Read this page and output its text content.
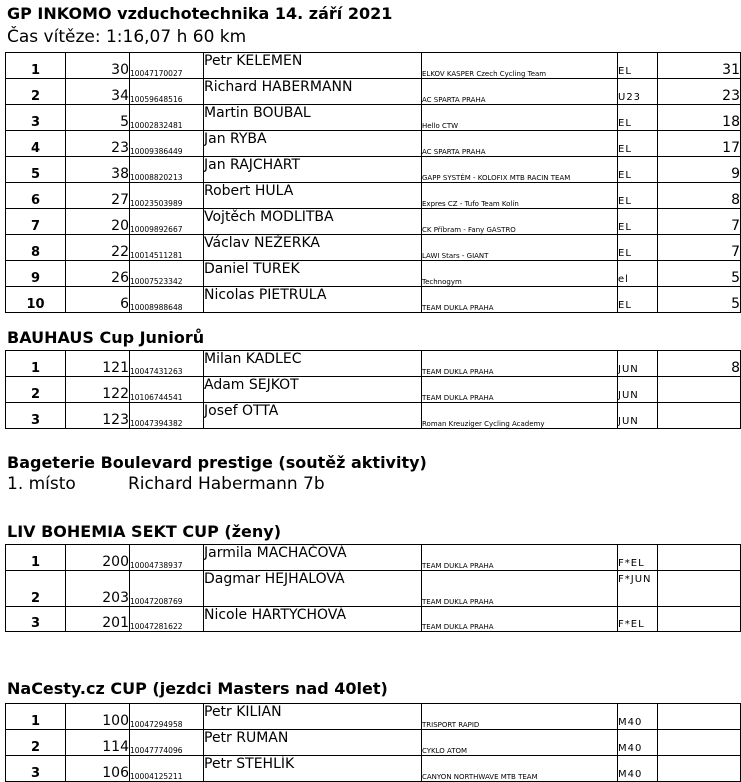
GP INKOMO vzduchotechnika 14. září 2021
Čas vítěze: 1:16,07 h 60 km
1	30	10047170027	Petr KELEMEN	ELKOV KASPER Czech Cycling Team	EL	31
2	34	10059648516	Richard HABERMANN	AC SPARTA PRAHA	U23	23
3	5	10002832481	Martin BOUBAL	Hello CTW	EL	18
4	23	10009386449	Jan RYBA	AC SPARTA PRAHA	EL	17
5	38	10008820213	Jan RAJCHART	GAPP SYSTÉM - KOLOFIX MTB RACIN TEAM	EL	9
6	27	10023503989	Robert HULA	Expres CZ - Tufo Team Kolín	EL	8
7	20	10009892667	Vojtěch MODLITBA	CK Příbram - Fany GASTRO	EL	7
8	22	10014511281	Václav NEŽERKA	LAWI Stars - GIANT	EL	7
9	26	10007523342	Daniel TUREK	Technogym	el	5
10	6	10008988648	Nicolas PIETRULA	TEAM DUKLA PRAHA	EL	5
BAUHAUS Cup Juniorů
1	121	10047431263	Milan KADLEC	TEAM DUKLA PRAHA	JUN	8
2	122	10106744541	Adam SEJKOT	TEAM DUKLA PRAHA	JUN	
3	123	10047394382	Josef OTTA	Roman Kreuziger Cycling Academy	JUN	
Bageterie Boulevard prestige (soutěž aktivity)
1. místo	Richard Habermann 7b
LIV BOHEMIA SEKT CUP (ženy)
1	200	10004738937	Jarmila MACHAČOVÁ	TEAM DUKLA PRAHA	F*EL	
2	203	10047208769	Dagmar HEJHALOVÁ	TEAM DUKLA PRAHA	F*JUN	
3	201	10047281622	Nicole HARTYCHOVÁ	TEAM DUKLA PRAHA	F*EL	
NaCesty.cz CUP (jezdci Masters nad 40let)
1	100	10047294958	Petr KILIAN	TRISPORT RAPID	M40	
2	114	10047774096	Petr RUMAN	CYKLO ATOM	M40	
3	106	10004125211	Petr STEHLÍK	CANYON NORTHWAVE MTB TEAM	M40	
